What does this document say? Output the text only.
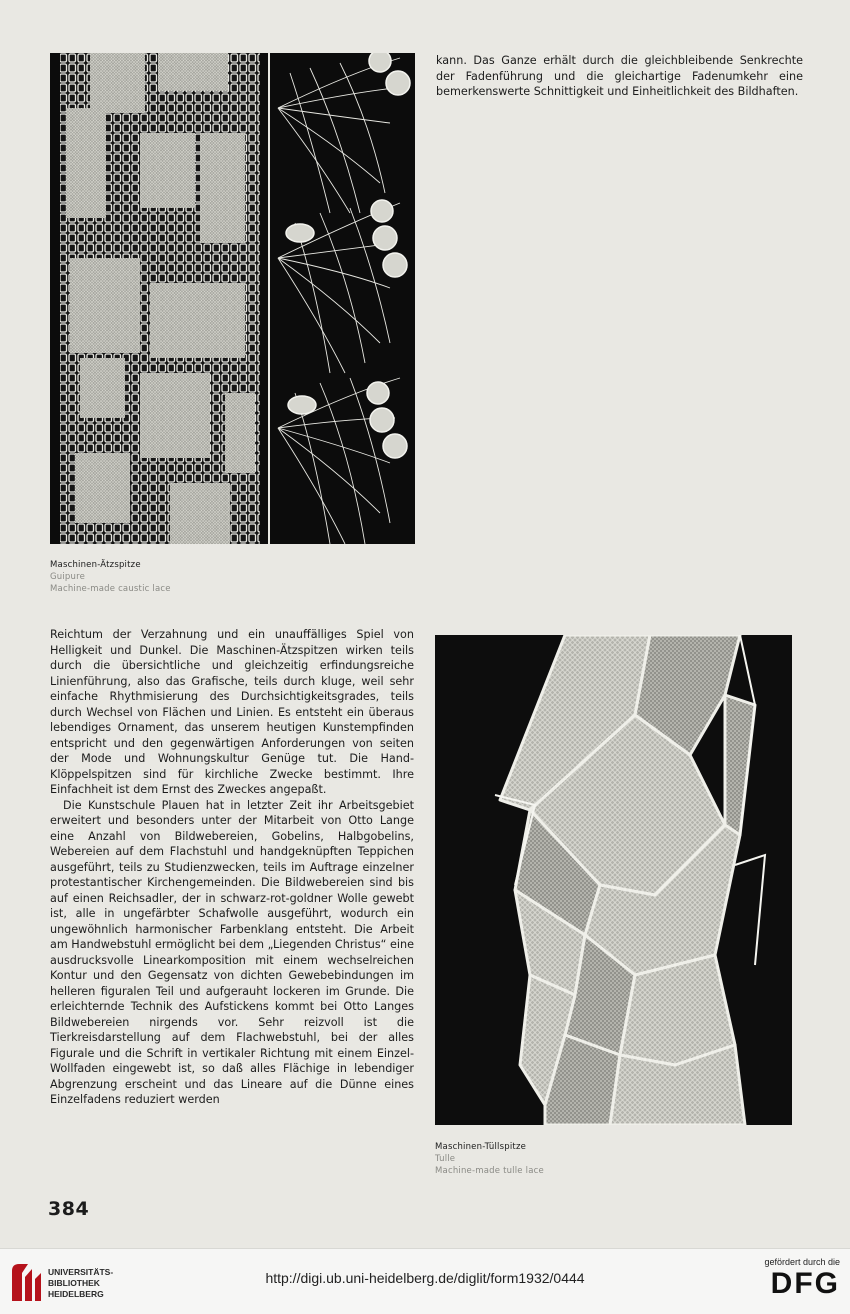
Maschinen-Ätzspitze
Guipure
Machine-made caustic lace

kann. Das Ganze erhält durch die gleichbleibende Senkrechte der Fadenführung und die gleichartige Fadenumkehr eine bemerkenswerte Schnittigkeit und Einheitlichkeit des Bildhaften.

Reichtum der Verzahnung und ein unauffälliges Spiel von Helligkeit und Dunkel. Die Maschinen-Ätzspitzen wirken teils durch die übersichtliche und gleichzeitig erfindungsreiche Linienführung, also das Grafische, teils durch kluge, weil sehr einfache Rhythmisierung des Durchsichtigkeitsgrades, teils durch Wechsel von Flächen und Linien. Es entsteht ein überaus lebendiges Ornament, das unserem heutigen Kunstempfinden entspricht und den gegenwärtigen Anforderungen von seiten der Mode und Wohnungskultur Genüge tut. Die Hand-Klöppelspitzen sind für kirchliche Zwecke bestimmt. Ihre Einfachheit ist dem Ernst des Zweckes angepaßt.

Die Kunstschule Plauen hat in letzter Zeit ihr Arbeitsgebiet erweitert und besonders unter der Mitarbeit von Otto Lange eine Anzahl von Bildwebereien, Gobelins, Halbgobelins, Webereien auf dem Flachstuhl und handgeknüpften Teppichen ausgeführt, teils zu Studienzwecken, teils im Auftrage einzelner protestantischer Kirchengemeinden. Die Bildwebereien sind bis auf einen Reichsadler, der in schwarz-rot-goldner Wolle gewebt ist, alle in ungefärbter Schafwolle ausgeführt, wodurch ein ungewöhnlich harmonischer Farbenklang entsteht. Die Arbeit am Handwebstuhl ermöglicht bei dem „Liegenden Christus“ eine ausdrucksvolle Linearkomposition mit einem wechselreichen Kontur und den Gegensatz von dichten Gewebebindungen im helleren figuralen Teil und aufgerauht lockeren im Grunde. Die erleichternde Technik des Aufstickens kommt bei Otto Langes Bildwebereien nirgends vor. Sehr reizvoll ist die Tierkreisdarstellung auf dem Flachwebstuhl, bei der alles Figurale und die Schrift in vertikaler Richtung mit einem Einzel-Wollfaden eingewebt ist, so daß alles Flächige in lebendiger Abgrenzung erscheint und das Lineare auf die Dünne eines Einzelfadens reduziert werden

Maschinen-Tüllspitze
Tulle
Machine-made tulle lace
384
UNIVERSITÄTS-
BIBLIOTHEK
HEIDELBERG
http://digi.ub.uni-heidelberg.de/diglit/form1932/0444
gefördert durch die
DFG
